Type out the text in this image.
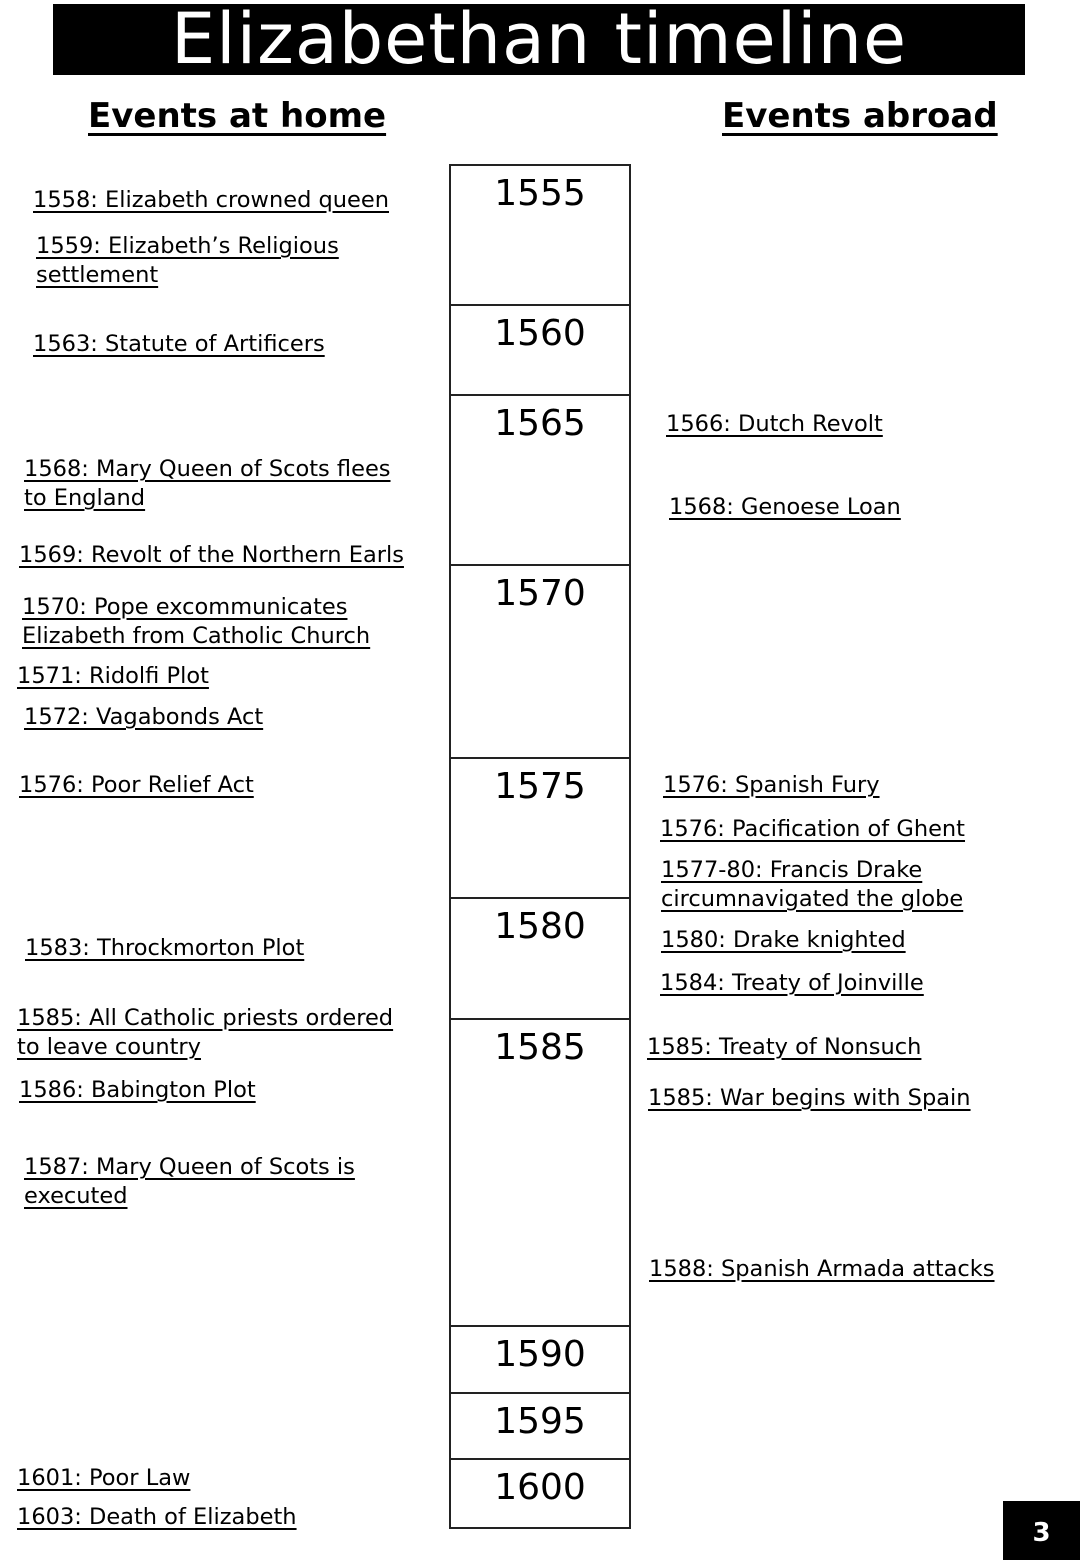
Elizabethan timeline
Events at home	Events abroad
1555
1560
1565
1570
1575
1580
1585
1590
1595
1600
1558: Elizabeth crowned queen
1559: Elizabeth’s Religious
settlement
1563: Statute of Artificers
1568: Mary Queen of Scots flees
to England
1569: Revolt of the Northern Earls
1570: Pope excommunicates
Elizabeth from Catholic Church
1571: Ridolfi Plot
1572: Vagabonds Act
1576: Poor Relief Act
1583: Throckmorton Plot
1585: All Catholic priests ordered
to leave country
1586: Babington Plot
1587: Mary Queen of Scots is
executed
1601: Poor Law
1603: Death of Elizabeth
1566: Dutch Revolt
1568: Genoese Loan
1576: Spanish Fury
1576: Pacification of Ghent
1577-80: Francis Drake
circumnavigated the globe
1580: Drake knighted
1584: Treaty of Joinville
1585: Treaty of Nonsuch
1585: War begins with Spain
1588: Spanish Armada attacks
3
